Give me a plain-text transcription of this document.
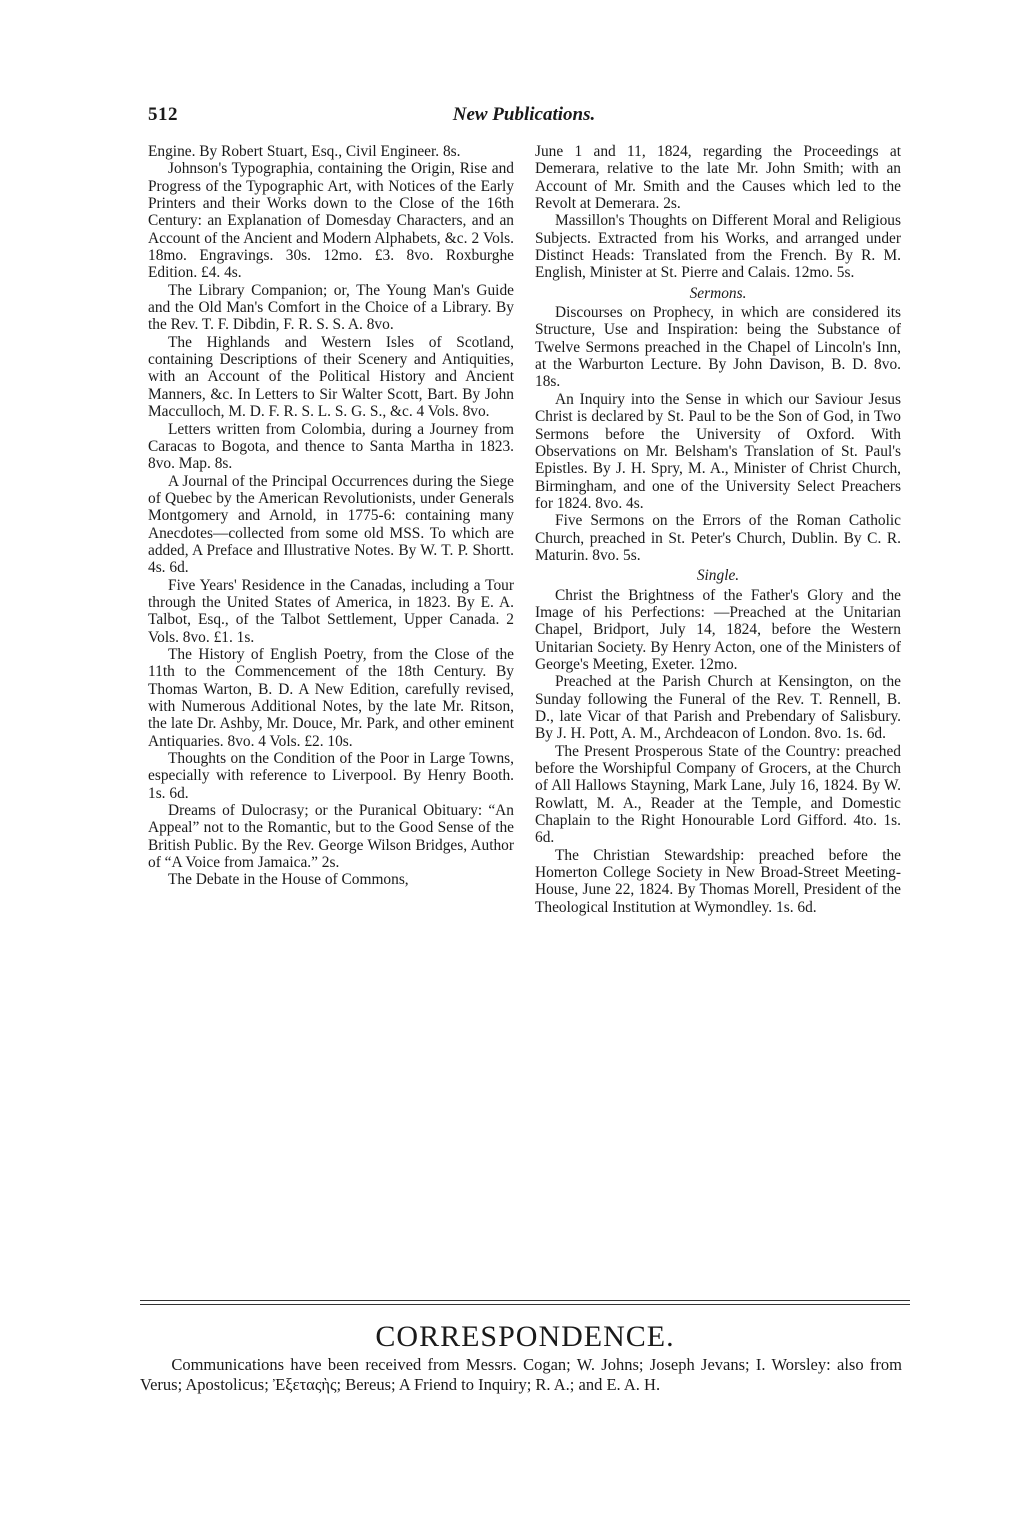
512	New Publications.

Engine. By Robert Stuart, Esq., Civil Engineer. 8s.

Johnson's Typographia, containing the Origin, Rise and Progress of the Typographic Art, with Notices of the Early Printers and their Works down to the Close of the 16th Century: an Explanation of Domesday Characters, and an Account of the Ancient and Modern Alphabets, &c. 2 Vols. 18mo. Engravings. 30s. 12mo. £3. 8vo. Roxburghe Edition. £4. 4s.

The Library Companion; or, The Young Man's Guide and the Old Man's Comfort in the Choice of a Library. By the Rev. T. F. Dibdin, F. R. S. S. A. 8vo.

The Highlands and Western Isles of Scotland, containing Descriptions of their Scenery and Antiquities, with an Account of the Political History and Ancient Manners, &c. In Letters to Sir Walter Scott, Bart. By John Macculloch, M. D. F. R. S. L. S. G. S., &c. 4 Vols. 8vo.

Letters written from Colombia, during a Journey from Caracas to Bogota, and thence to Santa Martha in 1823. 8vo. Map. 8s.

A Journal of the Principal Occurrences during the Siege of Quebec by the American Revolutionists, under Generals Montgomery and Arnold, in 1775-6: containing many Anecdotes—collected from some old MSS. To which are added, A Preface and Illustrative Notes. By W. T. P. Shortt. 4s. 6d.

Five Years' Residence in the Canadas, including a Tour through the United States of America, in 1823. By E. A. Talbot, Esq., of the Talbot Settlement, Upper Canada. 2 Vols. 8vo. £1. 1s.

The History of English Poetry, from the Close of the 11th to the Commencement of the 18th Century. By Thomas Warton, B. D. A New Edition, carefully revised, with Numerous Additional Notes, by the late Mr. Ritson, the late Dr. Ashby, Mr. Douce, Mr. Park, and other eminent Antiquaries. 8vo. 4 Vols. £2. 10s.

Thoughts on the Condition of the Poor in Large Towns, especially with reference to Liverpool. By Henry Booth. 1s. 6d.

Dreams of Dulocrasy; or the Puranical Obituary: “An Appeal” not to the Romantic, but to the Good Sense of the British Public. By the Rev. George Wilson Bridges, Author of “A Voice from Jamaica.” 2s.

The Debate in the House of Commons,

June 1 and 11, 1824, regarding the Proceedings at Demerara, relative to the late Mr. John Smith; with an Account of Mr. Smith and the Causes which led to the Revolt at Demerara. 2s.

Massillon's Thoughts on Different Moral and Religious Subjects. Extracted from his Works, and arranged under Distinct Heads: Translated from the French. By R. M. English, Minister at St. Pierre and Calais. 12mo. 5s.

Sermons.

Discourses on Prophecy, in which are considered its Structure, Use and Inspiration: being the Substance of Twelve Sermons preached in the Chapel of Lincoln's Inn, at the Warburton Lecture. By John Davison, B. D. 8vo. 18s.

An Inquiry into the Sense in which our Saviour Jesus Christ is declared by St. Paul to be the Son of God, in Two Sermons before the University of Oxford. With Observations on Mr. Belsham's Translation of St. Paul's Epistles. By J. H. Spry, M. A., Minister of Christ Church, Birmingham, and one of the University Select Preachers for 1824. 8vo. 4s.

Five Sermons on the Errors of the Roman Catholic Church, preached in St. Peter's Church, Dublin. By C. R. Maturin. 8vo. 5s.

Single.

Christ the Brightness of the Father's Glory and the Image of his Perfections: —Preached at the Unitarian Chapel, Bridport, July 14, 1824, before the Western Unitarian Society. By Henry Acton, one of the Ministers of George's Meeting, Exeter. 12mo.

Preached at the Parish Church at Kensington, on the Sunday following the Funeral of the Rev. T. Rennell, B. D., late Vicar of that Parish and Prebendary of Salisbury. By J. H. Pott, A. M., Archdeacon of London. 8vo. 1s. 6d.

The Present Prosperous State of the Country: preached before the Worshipful Company of Grocers, at the Church of All Hallows Stayning, Mark Lane, July 16, 1824. By W. Rowlatt, M. A., Reader at the Temple, and Domestic Chaplain to the Right Honourable Lord Gifford. 4to. 1s. 6d.

The Christian Stewardship: preached before the Homerton College Society in New Broad-Street Meeting-House, June 22, 1824. By Thomas Morell, President of the Theological Institution at Wymondley. 1s. 6d.

CORRESPONDENCE.

Communications have been received from Messrs. Cogan; W. Johns; Joseph Jevans; I. Worsley: also from Verus; Apostolicus; Ἐξεταςὴς; Bereus; A Friend to Inquiry; R. A.; and E. A. H.
